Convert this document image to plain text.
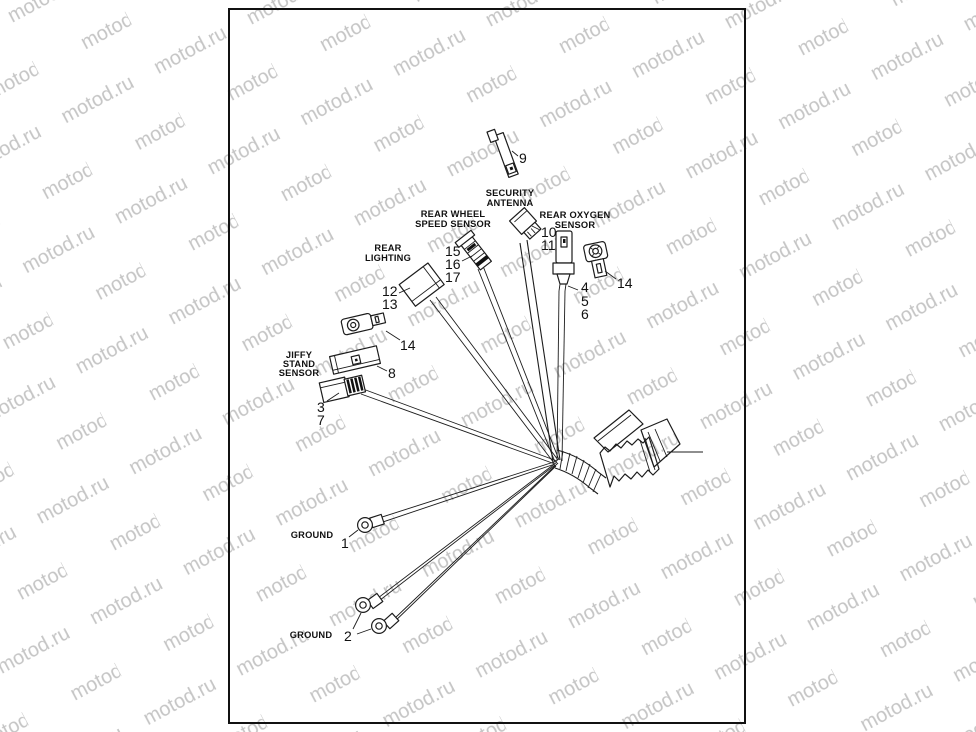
SECURITY
ANTENNA
REAR WHEEL
SPEED SENSOR
REAR OXYGEN
SENSOR
REAR
LIGHTING
JIFFY
STAND
SENSOR
GROUND
GROUND
9
10
11
4
5
6
14
15
16
17
12
13
14
8
3
7
1
2
